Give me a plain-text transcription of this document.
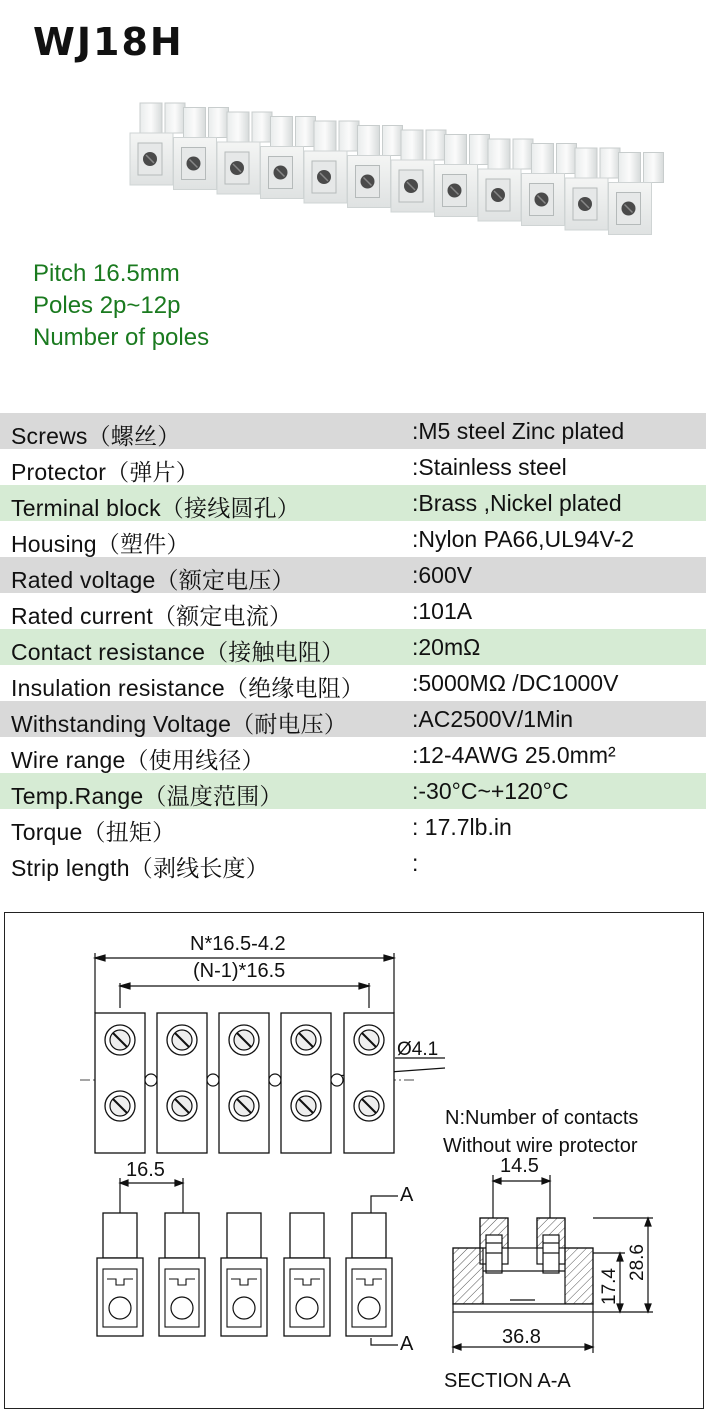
WJ18H
Pitch 16.5mm
Poles 2p~12p
Number of poles
Screws（螺丝）	:M5 steel Zinc plated
Protector（弹片）	:Stainless steel
Terminal block（接线圆孔）	:Brass ,Nickel plated
Housing（塑件）	:Nylon PA66,UL94V-2
Rated voltage（额定电压）	:600V
Rated current（额定电流）	:101A
Contact resistance（接触电阻）	:20mΩ
Insulation resistance（绝缘电阻） :5000MΩ /DC1000V
Withstanding Voltage（耐电压）	:AC2500V/1Min
Wire range（使用线径）	:12-4AWG 25.0mm²
Temp.Range（温度范围）	:-30°C~+120°C
Torque（扭矩）	: 17.7lb.in
Strip length（剥线长度）	:
N*16.5-4.2
(N-1)*16.5
Ø4.1
N:Number of contacts
Without wire protector
16.5	14.5
A
A
17.4
28.6
36.8
SECTION A-A
